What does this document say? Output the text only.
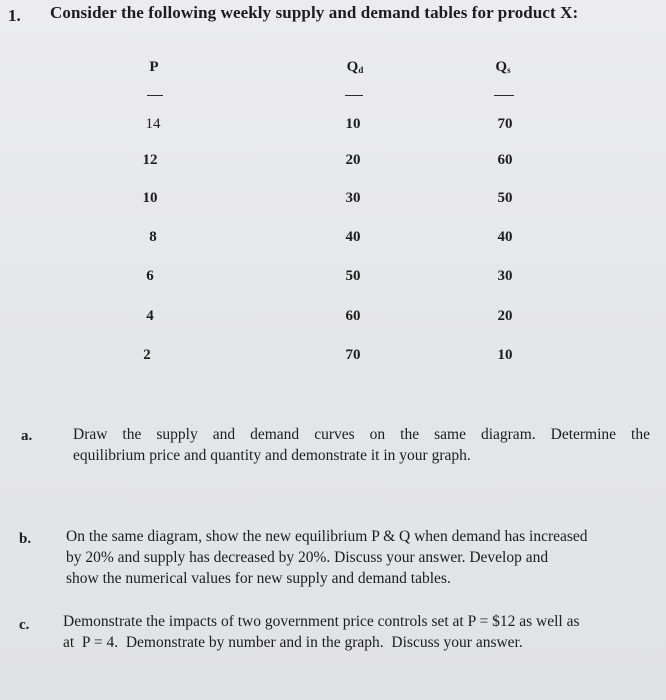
1. Consider the following weekly supply and demand tables for product X:
P	$Q_d$	$Q_s$
14	10	70
12	20	60
10	30	50
8	40	40
6	50	30
4	60	20
2	70	10
a.	Draw the supply and demand curves on the same diagram. Determine the
equilibrium price and quantity and demonstrate it in your graph.
b. On the same diagram, show the new equilibrium P & Q when demand has increased
by 20% and supply has decreased by 20%. Discuss your answer. Develop and
show the numerical values for new supply and demand tables.
c. Demonstrate the impacts of two government price controls set at P = $12 as well as
at  P = 4.  Demonstrate by number and in the graph.  Discuss your answer.
